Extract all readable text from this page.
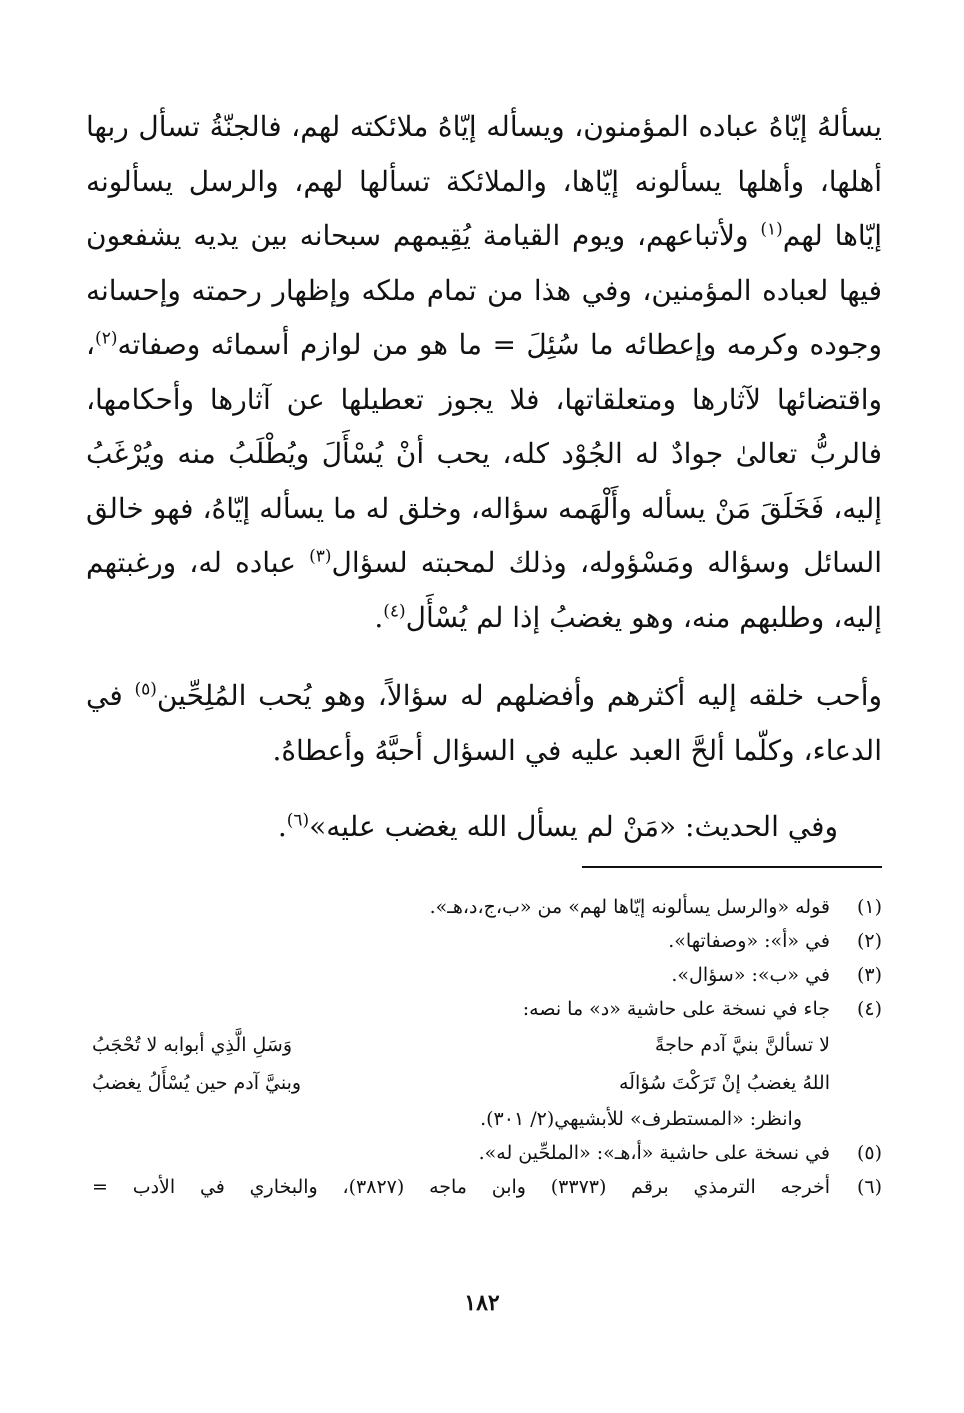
يسألهُ إيّاهُ عباده المؤمنون، ويسأله إيّاهُ ملائكته لهم، فالجنّةُ تسأل ربها أهلها، وأهلها يسألونه إيّاها، والملائكة تسألها لهم، والرسل يسألونه إيّاها لهم$^{(١)}$ ولأتباعهم، ويوم القيامة يُقِيمهم سبحانه بين يديه يشفعون فيها لعباده المؤمنين، وفي هذا من تمام ملكه وإظهار رحمته وإحسانه وجوده وكرمه وإعطائه ما سُئِلَ = ما هو من لوازم أسمائه وصفاته$^{(٢)}$، واقتضائها لآثارها ومتعلقاتها، فلا يجوز تعطيلها عن آثارها وأحكامها، فالربُّ تعالىٰ جوادٌ له الجُوْد كله، يحب أنْ يُسْأَلَ ويُطْلَبُ منه ويُرْغَبُ إليه، فَخَلَقَ مَنْ يسأله وأَلْهَمه سؤاله، وخلق له ما يسأله إيّاهُ، فهو خالق السائل وسؤاله ومَسْؤوله، وذلك لمحبته لسؤال$^{(٣)}$ عباده له، ورغبتهم إليه، وطلبهم منه، وهو يغضبُ إذا لم يُسْأَل$^{(٤)}$.

وأحب خلقه إليه أكثرهم وأفضلهم له سؤالاً، وهو يُحب المُلِحِّين$^{(٥)}$ في الدعاء، وكلّما ألحَّ العبد عليه في السؤال أحبَّهُ وأعطاهُ.

وفي الحديث: «مَنْ لم يسأل الله يغضب عليه»$^{(٦)}$.

(١)
قوله «والرسل يسألونه إيّاها لهم» من «ب،ج،د،هـ».
(٢)
في «أ»: «وصفاتها».
(٣)
في «ب»: «سؤال».
(٤)
جاء في نسخة على حاشية «د» ما نصه:
لا تسألنَّ بنيَّ آدم حاجةً
وَسَلِ الَّذِي أبوابه لا تُحْجَبُ
اللهُ يغضبُ إنْ تَرَكْتَ سُؤالَه
وبنيَّ آدم حين يُسْأَلُ يغضبُ
وانظر: «المستطرف» للأبشيهي(٢/ ٣٠١).
(٥)
في نسخة على حاشية «أ،هـ»: «الملحِّين له».
(٦)
أخرجه الترمذي برقم (٣٣٧٣) وابن ماجه (٣٨٢٧)، والبخاري في الأدب =
١٨٢
